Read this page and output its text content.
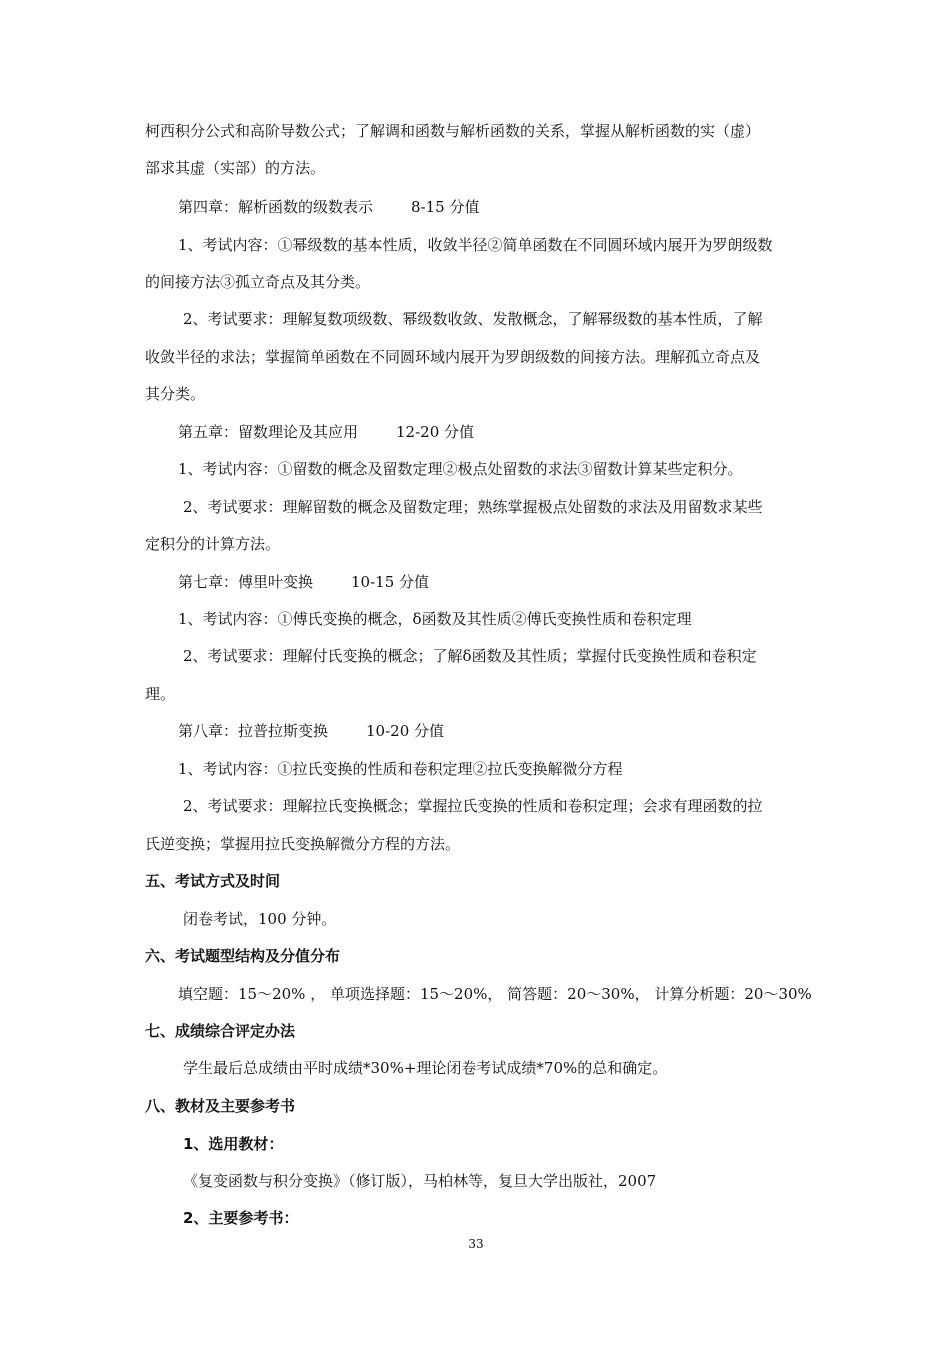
柯西积分公式和高阶导数公式；了解调和函数与解析函数的关系，掌握从解析函数的实（虚）
部求其虚（实部）的方法。
第四章：解析函数的级数表示	8-15 分值
1、考试内容：①幂级数的基本性质，收敛半径②简单函数在不同圆环域内展开为罗朗级数
的间接方法③孤立奇点及其分类。
2、考试要求：理解复数项级数、幂级数收敛、发散概念，了解幂级数的基本性质，了解
收敛半径的求法；掌握简单函数在不同圆环域内展开为罗朗级数的间接方法。理解孤立奇点及
其分类。
第五章：留数理论及其应用	12-20 分值
1、考试内容：①留数的概念及留数定理②极点处留数的求法③留数计算某些定积分。
2、考试要求：理解留数的概念及留数定理；熟练掌握极点处留数的求法及用留数求某些
定积分的计算方法。
第七章：傅里叶变换	10-15 分值
1、考试内容：①傅氏变换的概念，δ函数及其性质②傅氏变换性质和卷积定理
2、考试要求：理解付氏变换的概念；了解δ函数及其性质；掌握付氏变换性质和卷积定
理。
第八章：拉普拉斯变换	10-20 分值
1、考试内容：①拉氏变换的性质和卷积定理②拉氏变换解微分方程
2、考试要求：理解拉氏变换概念；掌握拉氏变换的性质和卷积定理；会求有理函数的拉
氏逆变换；掌握用拉氏变换解微分方程的方法。
五、考试方式及时间
闭卷考试，100 分钟。
六、考试题型结构及分值分布
填空题：15～20% ， 单项选择题：15～20%， 简答题：20～30%， 计算分析题：20～30%
七、成绩综合评定办法
学生最后总成绩由平时成绩*30%+理论闭卷考试成绩*70%的总和确定。
八、教材及主要参考书
1、选用教材：
《复变函数与积分变换》（修订版），马柏林等，复旦大学出版社，2007
2、主要参考书：
33
